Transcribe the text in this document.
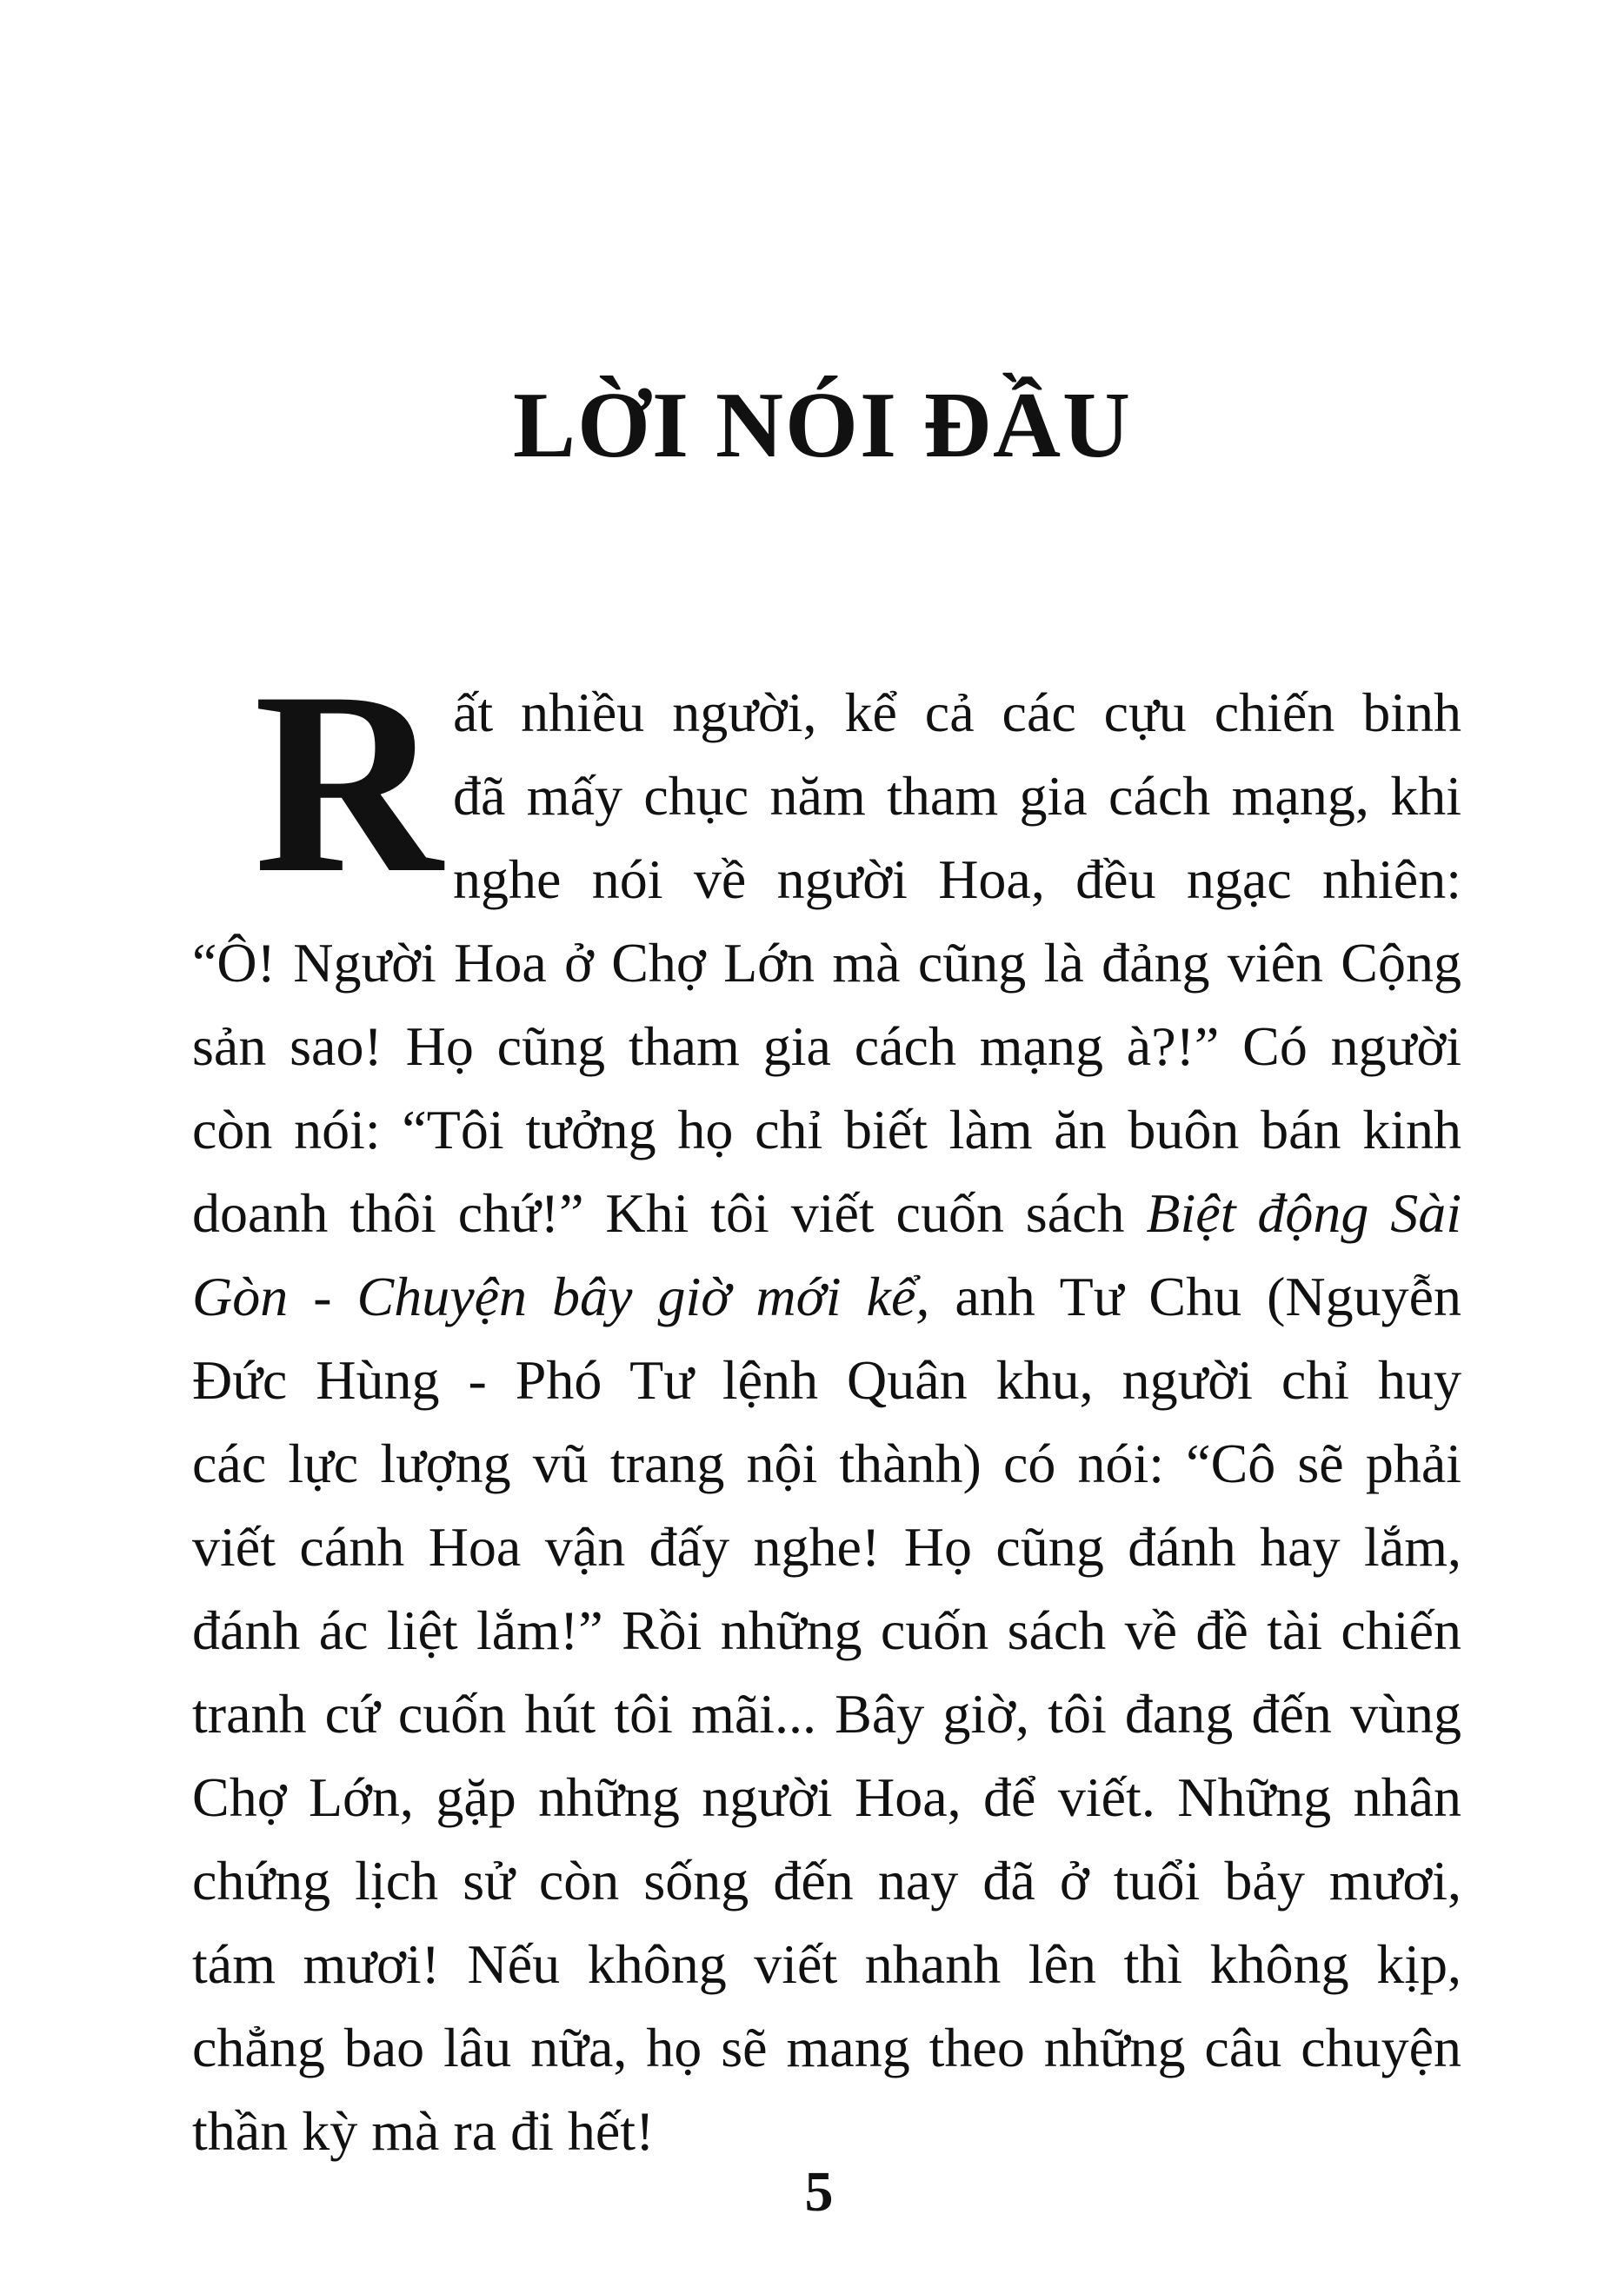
LỜI NÓI ĐẦU
R ất nhiều người, kể cả các cựu chiến binh
đã mấy chục năm tham gia cách mạng, khi
nghe nói về người Hoa, đều ngạc nhiên:
“Ô! Người Hoa ở Chợ Lớn mà cũng là đảng viên Cộng
sản sao! Họ cũng tham gia cách mạng à?!” Có người
còn nói: “Tôi tưởng họ chỉ biết làm ăn buôn bán kinh
doanh thôi chứ!” Khi tôi viết cuốn sách Biệt động Sài
Gòn - Chuyện bây giờ mới kể, anh Tư Chu (Nguyễn
Đức Hùng - Phó Tư lệnh Quân khu, người chỉ huy
các lực lượng vũ trang nội thành) có nói: “Cô sẽ phải
viết cánh Hoa vận đấy nghe! Họ cũng đánh hay lắm,
đánh ác liệt lắm!” Rồi những cuốn sách về đề tài chiến
tranh cứ cuốn hút tôi mãi... Bây giờ, tôi đang đến vùng
Chợ Lớn, gặp những người Hoa, để viết. Những nhân
chứng lịch sử còn sống đến nay đã ở tuổi bảy mươi,
tám mươi! Nếu không viết nhanh lên thì không kịp,
chẳng bao lâu nữa, họ sẽ mang theo những câu chuyện
thần kỳ mà ra đi hết!
5
